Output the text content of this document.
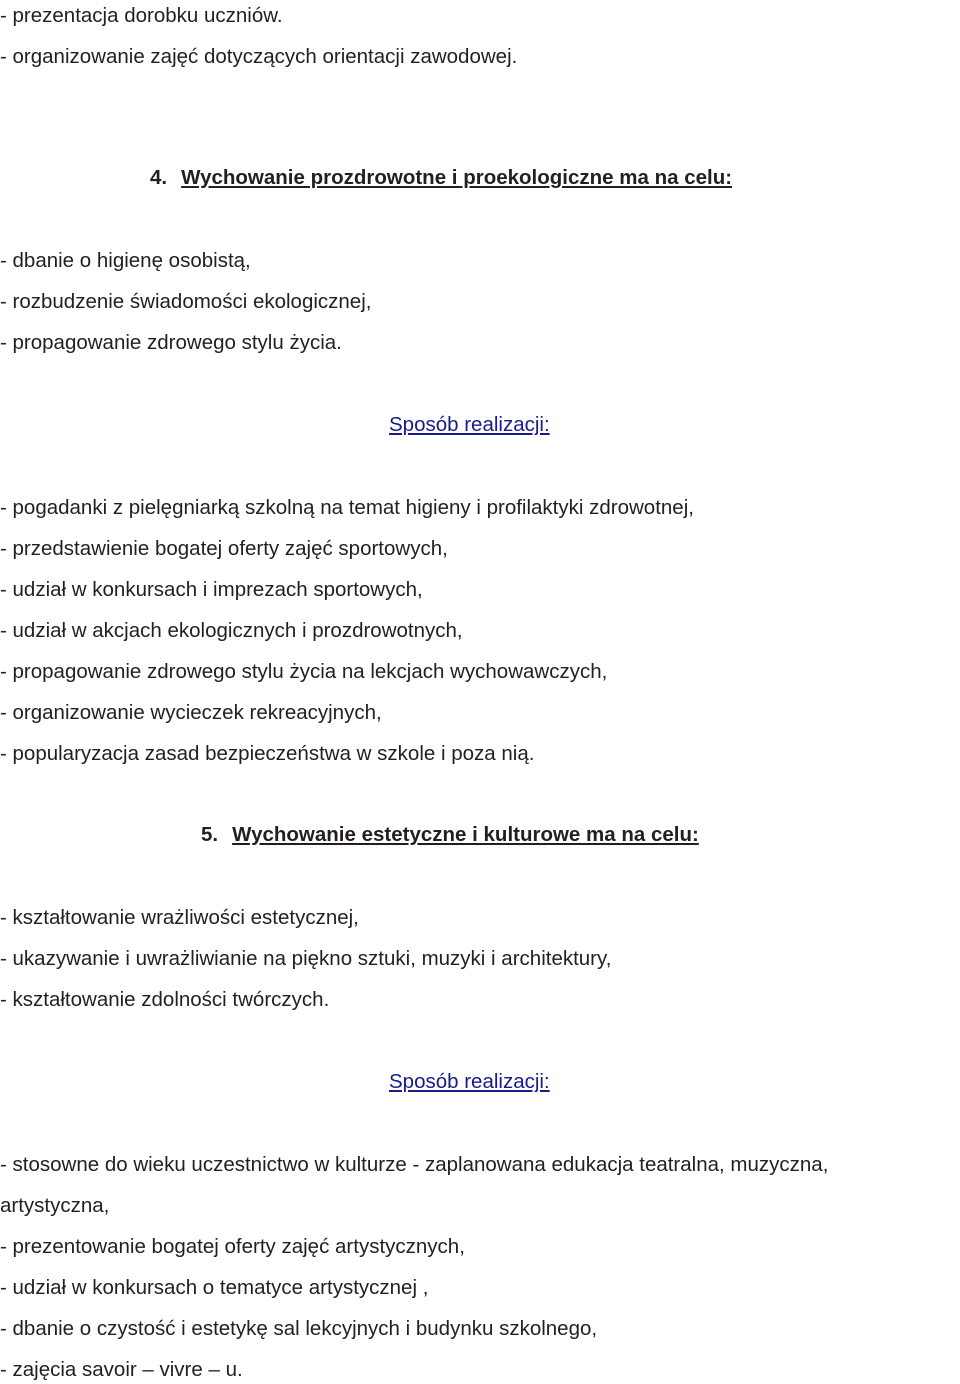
- prezentacja dorobku uczniów.

- organizowanie zajęć dotyczących orientacji zawodowej.

4. Wychowanie prozdrowotne i proekologiczne ma na celu:

- dbanie o higienę osobistą,

- rozbudzenie świadomości ekologicznej,

- propagowanie zdrowego stylu życia.

Sposób realizacji:

- pogadanki z pielęgniarką szkolną na temat higieny i profilaktyki zdrowotnej,

- przedstawienie bogatej oferty zajęć sportowych,

- udział w konkursach i imprezach sportowych,

- udział w akcjach ekologicznych i prozdrowotnych,

- propagowanie zdrowego stylu życia na lekcjach wychowawczych,

- organizowanie wycieczek rekreacyjnych,

- popularyzacja zasad bezpieczeństwa w szkole i poza nią.

5. Wychowanie estetyczne i kulturowe ma na celu:

- kształtowanie wrażliwości estetycznej,

- ukazywanie i uwrażliwianie na piękno sztuki, muzyki i architektury,

- kształtowanie zdolności twórczych.

Sposób realizacji:

- stosowne do wieku uczestnictwo w kulturze - zaplanowana edukacja teatralna, muzyczna,

artystyczna,

- prezentowanie bogatej oferty zajęć artystycznych,

- udział w konkursach o tematyce artystycznej ,

- dbanie o czystość i estetykę sal lekcyjnych i budynku szkolnego,

- zajęcia savoir – vivre – u.
